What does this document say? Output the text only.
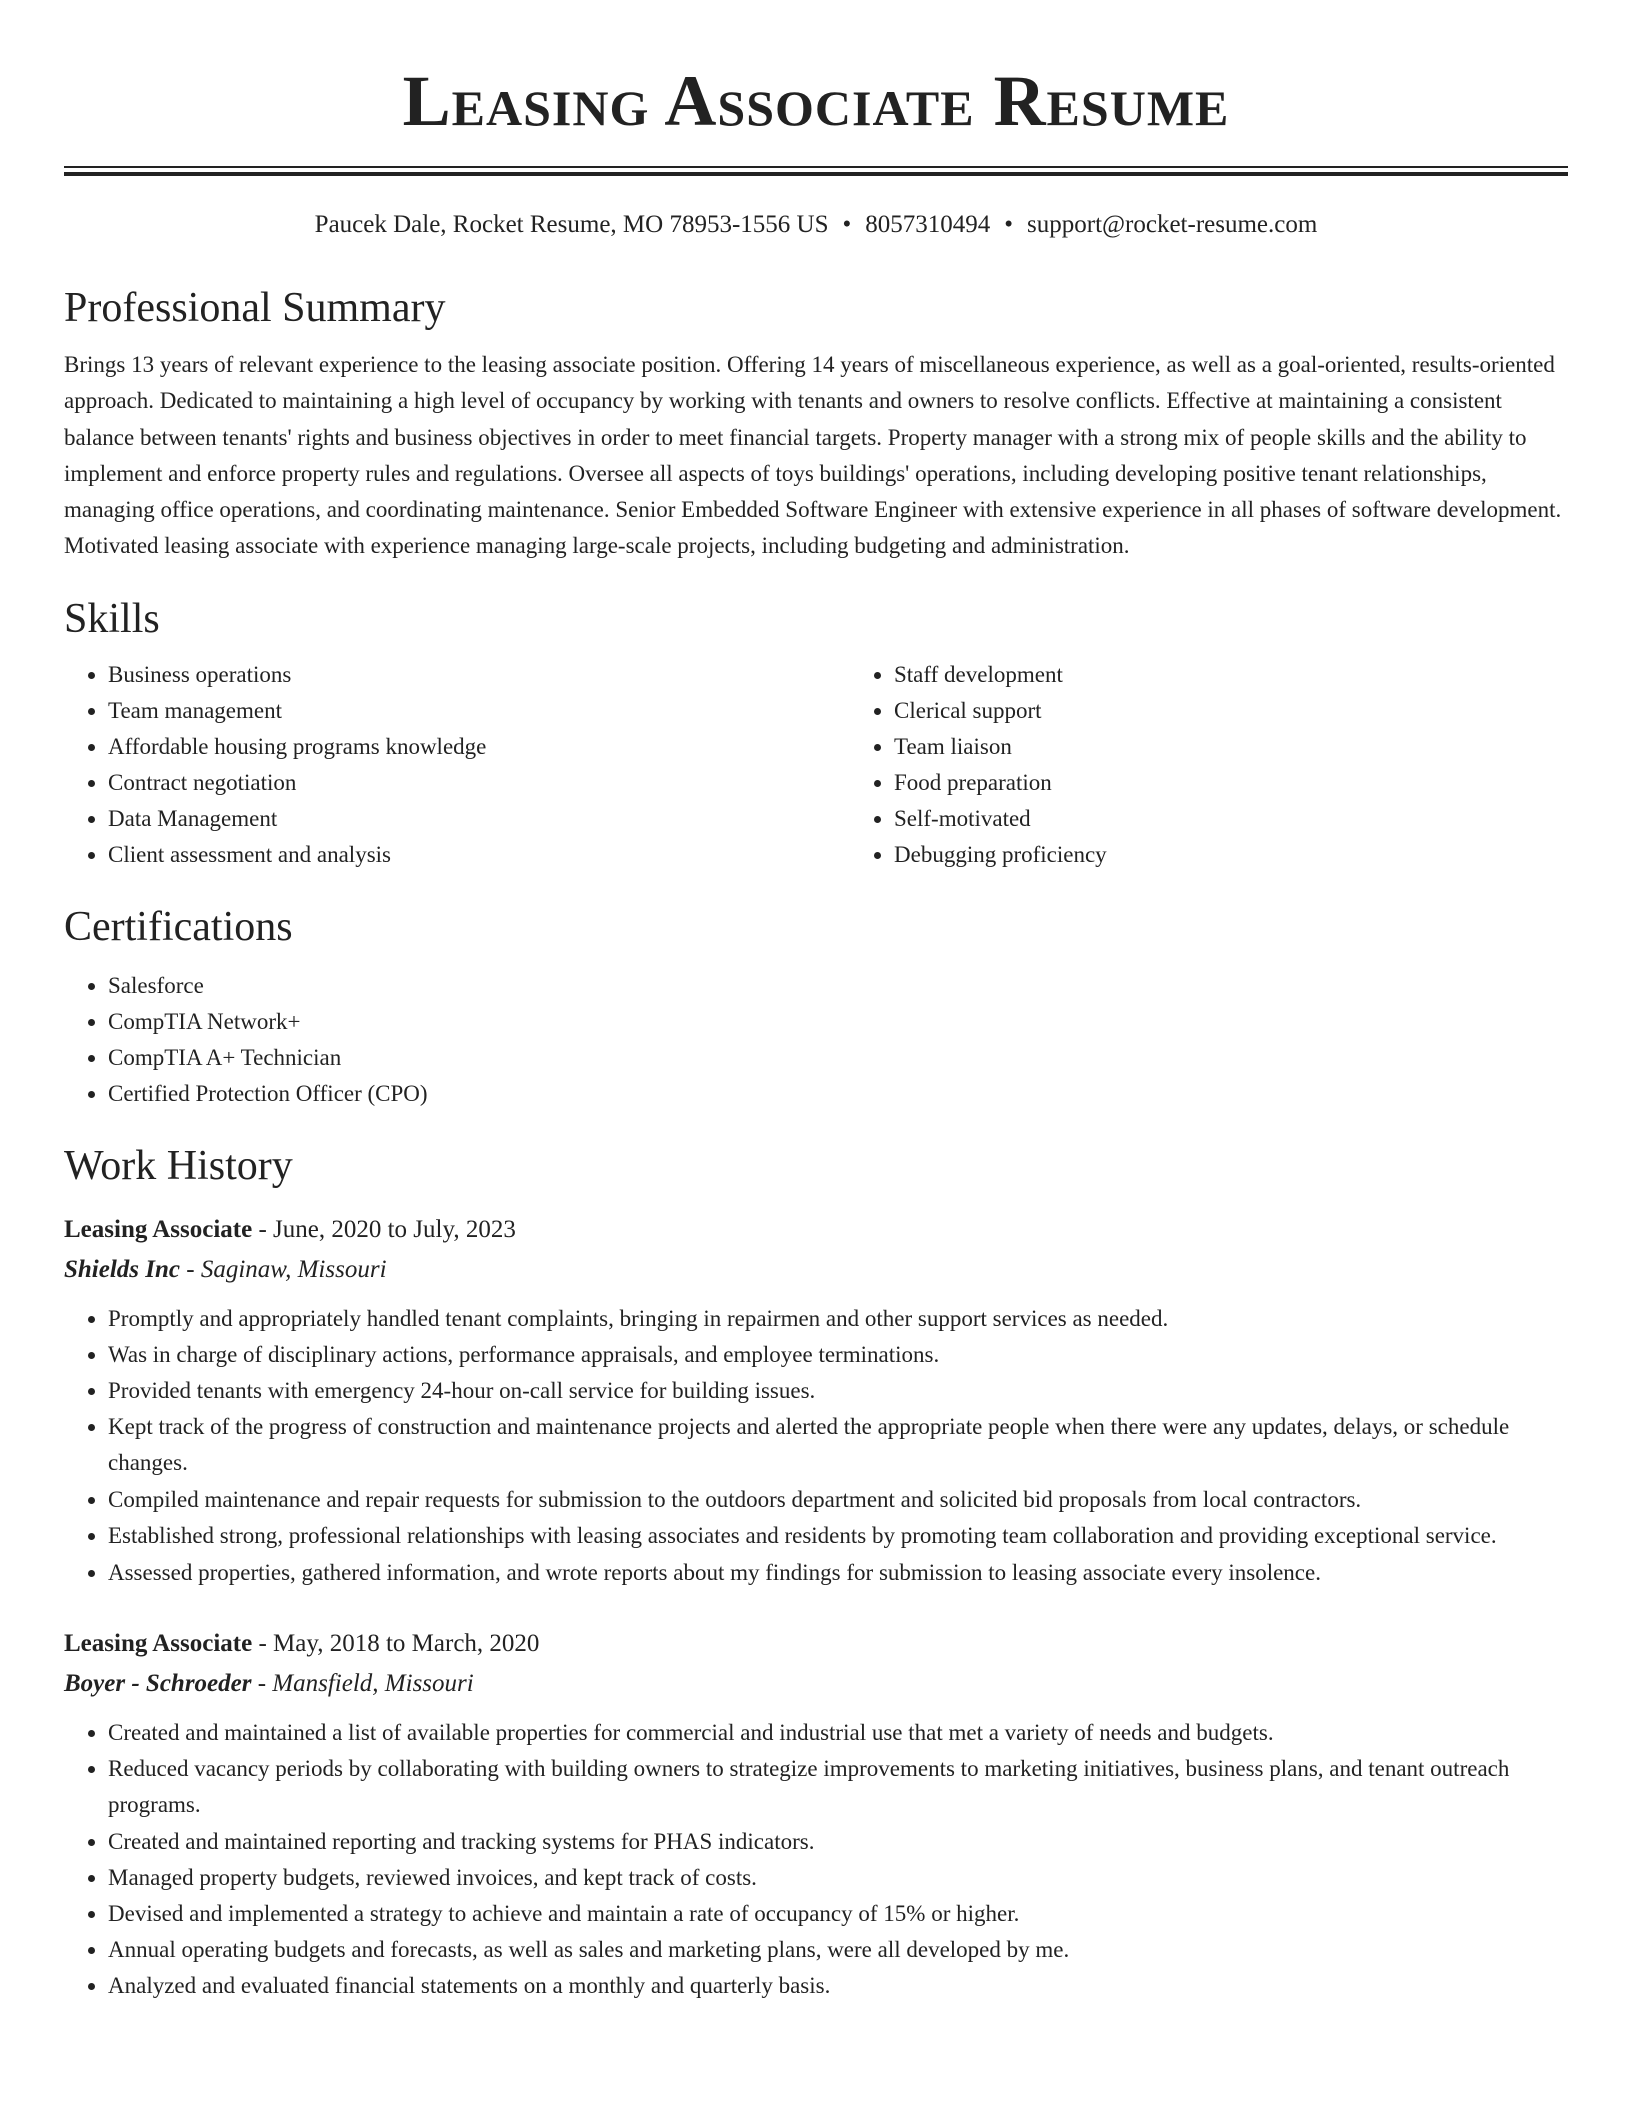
Leasing Associate Resume
Paucek Dale, Rocket Resume, MO 78953-1556 US • 8057310494 • support@rocket-resume.com
Professional Summary

Brings 13 years of relevant experience to the leasing associate position. Offering 14 years of miscellaneous experience, as well as a goal-oriented, results-oriented approach. Dedicated to maintaining a high level of occupancy by working with tenants and owners to resolve conflicts. Effective at maintaining a consistent balance between tenants' rights and business objectives in order to meet financial targets. Property manager with a strong mix of people skills and the ability to implement and enforce property rules and regulations. Oversee all aspects of toys buildings' operations, including developing positive tenant relationships, managing office operations, and coordinating maintenance. Senior Embedded Software Engineer with extensive experience in all phases of software development. Motivated leasing associate with experience managing large-scale projects, including budgeting and administration.

Skills
• Business operations
• Team management
• Affordable housing programs knowledge
• Contract negotiation
• Data Management
• Client assessment and analysis
• Staff development
• Clerical support
• Team liaison
• Food preparation
• Self-motivated
• Debugging proficiency
Certifications
• Salesforce
• CompTIA Network+
• CompTIA A+ Technician
• Certified Protection Officer (CPO)
Work History
Leasing Associate - June, 2020 to July, 2023
Shields Inc - Saginaw, Missouri
• Promptly and appropriately handled tenant complaints, bringing in repairmen and other support services as needed.
• Was in charge of disciplinary actions, performance appraisals, and employee terminations.
• Provided tenants with emergency 24-hour on-call service for building issues.
• Kept track of the progress of construction and maintenance projects and alerted the appropriate people when there were any updates, delays, or schedule changes.
• Compiled maintenance and repair requests for submission to the outdoors department and solicited bid proposals from local contractors.
• Established strong, professional relationships with leasing associates and residents by promoting team collaboration and providing exceptional service.
• Assessed properties, gathered information, and wrote reports about my findings for submission to leasing associate every insolence.
Leasing Associate - May, 2018 to March, 2020
Boyer - Schroeder - Mansfield, Missouri
• Created and maintained a list of available properties for commercial and industrial use that met a variety of needs and budgets.
• Reduced vacancy periods by collaborating with building owners to strategize improvements to marketing initiatives, business plans, and tenant outreach programs.
• Created and maintained reporting and tracking systems for PHAS indicators.
• Managed property budgets, reviewed invoices, and kept track of costs.
• Devised and implemented a strategy to achieve and maintain a rate of occupancy of 15% or higher.
• Annual operating budgets and forecasts, as well as sales and marketing plans, were all developed by me.
• Analyzed and evaluated financial statements on a monthly and quarterly basis.
